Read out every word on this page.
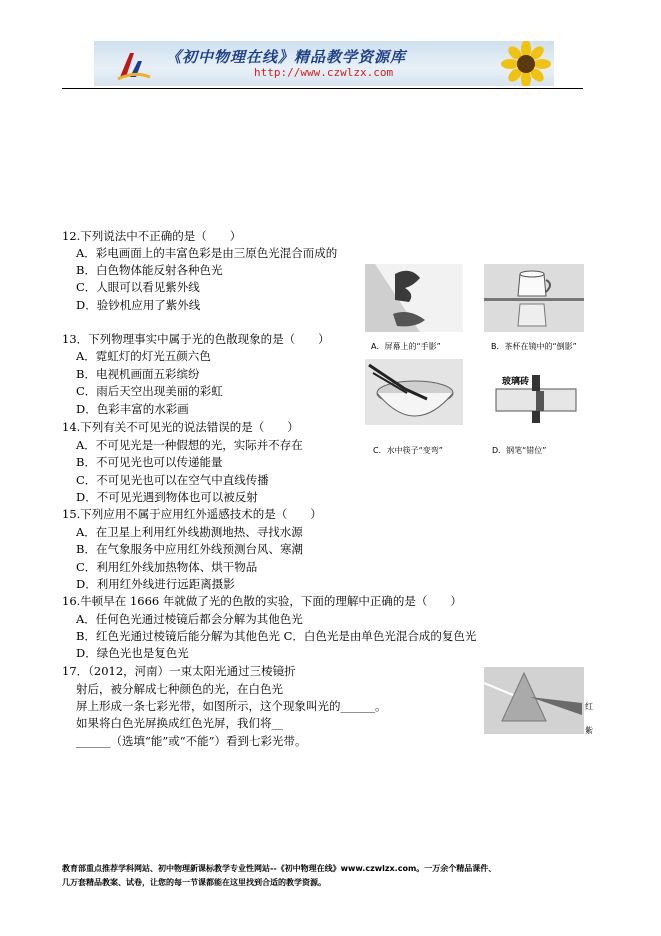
《初中物理在线》精品教学资源库
http://www.czwlzx.com
12.下列说法中不正确的是（　　）
A．彩电画面上的丰富色彩是由三原色光混合而成的
B．白色物体能反射各种色光
C．人眼可以看见紫外线
D．验钞机应用了紫外线
13．下列物理事实中属于光的色散现象的是（　　）
A．霓虹灯的灯光五颜六色
B．电视机画面五彩缤纷
C．雨后天空出现美丽的彩虹
D．色彩丰富的水彩画
14.下列有关不可见光的说法错误的是（　　）
A．不可见光是一种假想的光，实际并不存在
B．不可见光也可以传递能量
C．不可见光也可以在空气中直线传播
D．不可见光遇到物体也可以被反射
15.下列应用不属于应用红外遥感技术的是（　　）
A．在卫星上利用红外线勘测地热、寻找水源
B．在气象服务中应用红外线预测台风、寒潮
C．利用红外线加热物体、烘干物品
D．利用红外线进行远距离摄影
16.牛顿早在 1666 年就做了光的色散的实验，下面的理解中正确的是（　　）
A．任何色光通过棱镜后都会分解为其他色光
B．红色光通过棱镜后能分解为其他色光 C．白色光是由单色光混合成的复色光
D．绿色光也是复色光
17．（2012，河南）一束太阳光通过三棱镜折
射后，被分解成七种颜色的光，在白色光
屏上形成一条七彩光带，如图所示，这个现象叫光的______。
如果将白色光屏换成红色光屏，我们将__
______（选填“能”或“不能”）看到七彩光带。
A．屏幕上的“手影”	B．茶杯在镜中的“倒影”
C．水中筷子“变弯”
玻璃砖
D．钢笔“错位”
红
紫
教育部重点推荐学科网站、初中物理新课标教学专业性网站--《初中物理在线》www.czwlzx.com。一万余个精品课件、
几万套精品教案、试卷，让您的每一节课都能在这里找到合适的教学资源。
